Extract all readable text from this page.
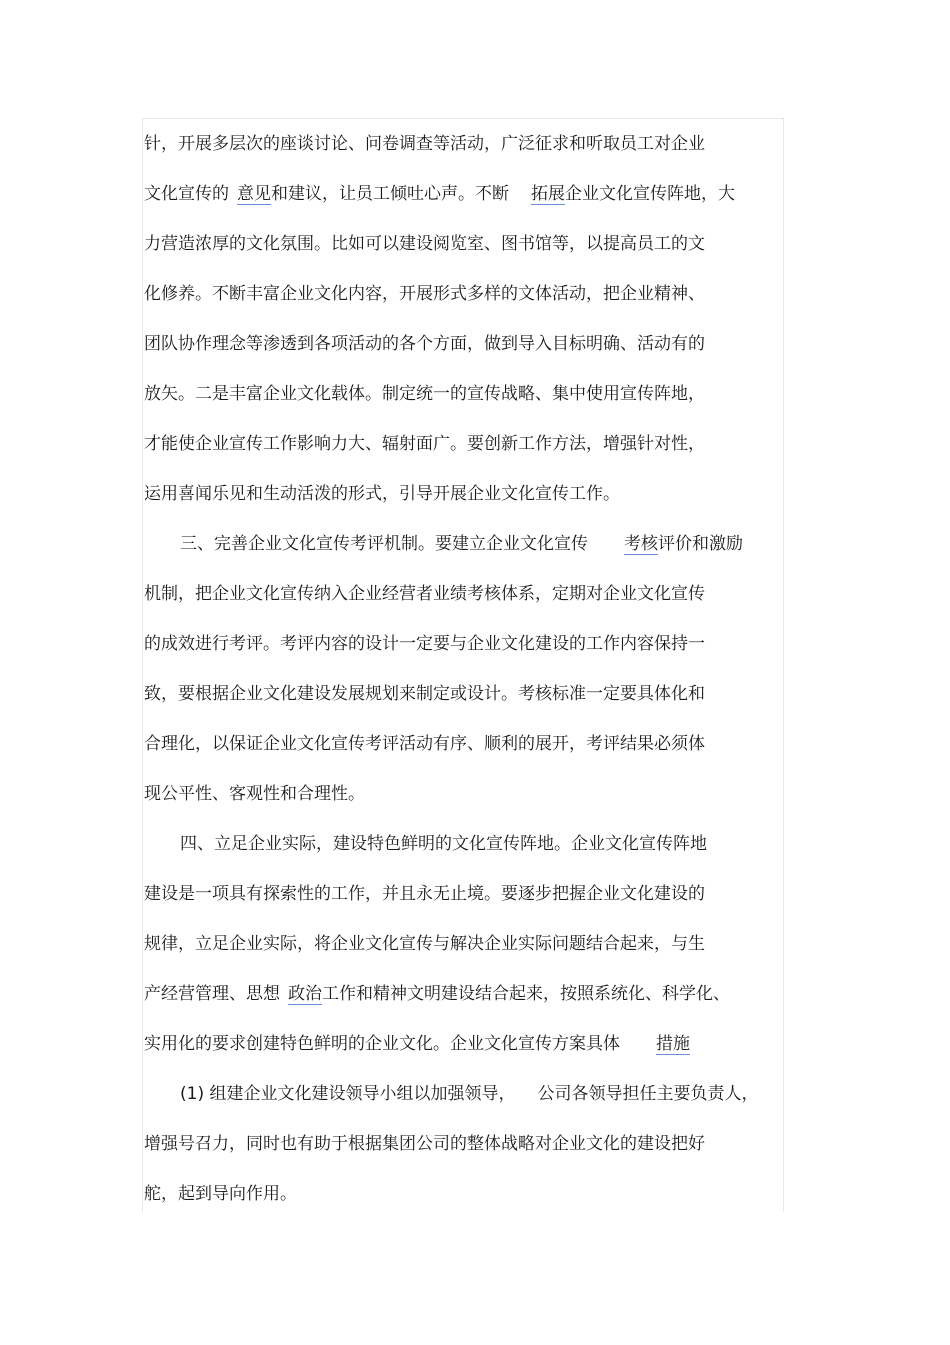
针，开展多层次的座谈讨论、问卷调查等活动，广泛征求和听取员工对企业
文化宣传的 意见和建议，让员工倾吐心声。不断 拓展企业文化宣传阵地，大
力营造浓厚的文化氛围。比如可以建设阅览室、图书馆等，以提高员工的文
化修养。不断丰富企业文化内容，开展形式多样的文体活动，把企业精神、
团队协作理念等渗透到各项活动的各个方面，做到导入目标明确、活动有的
放矢。二是丰富企业文化载体。制定统一的宣传战略、集中使用宣传阵地，
才能使企业宣传工作影响力大、辐射面广。要创新工作方法，增强针对性，
运用喜闻乐见和生动活泼的形式，引导开展企业文化宣传工作。
三、完善企业文化宣传考评机制。要建立企业文化宣传 考核评价和激励
机制，把企业文化宣传纳入企业经营者业绩考核体系，定期对企业文化宣传
的成效进行考评。考评内容的设计一定要与企业文化建设的工作内容保持一
致，要根据企业文化建设发展规划来制定或设计。考核标准一定要具体化和
合理化，以保证企业文化宣传考评活动有序、顺利的展开，考评结果必须体
现公平性、客观性和合理性。
四、立足企业实际，建设特色鲜明的文化宣传阵地。企业文化宣传阵地
建设是一项具有探索性的工作，并且永无止境。要逐步把握企业文化建设的
规律，立足企业实际，将企业文化宣传与解决企业实际问题结合起来，与生
产经营管理、思想 政治工作和精神文明建设结合起来，按照系统化、科学化、
实用化的要求创建特色鲜明的企业文化。企业文化宣传方案具体 措施
(1) 组建企业文化建设领导小组以加强领导， 公司各领导担任主要负责人，
增强号召力，同时也有助于根据集团公司的整体战略对企业文化的建设把好
舵，起到导向作用。
